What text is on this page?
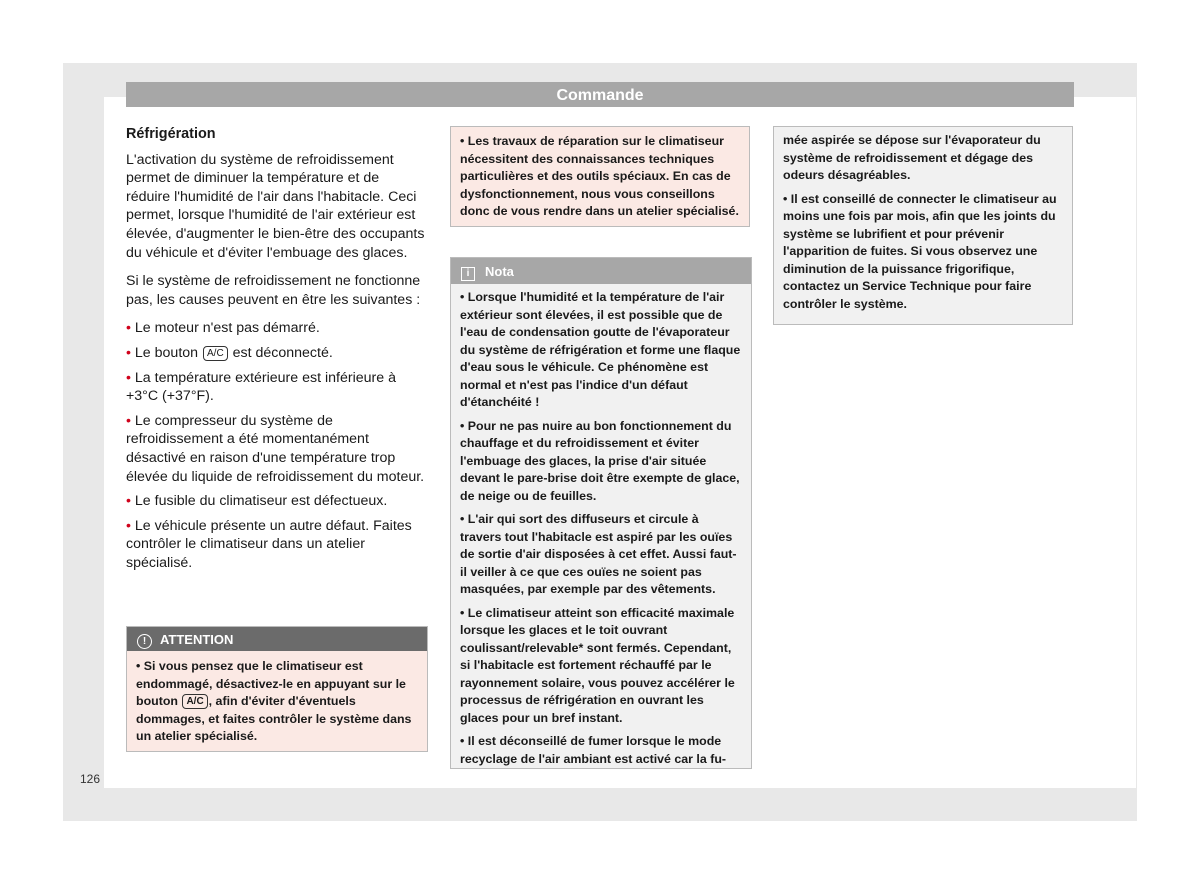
Commande
Réfrigération

L'activation du système de refroidissement permet de diminuer la température et de réduire l'humidité de l'air dans l'habitacle. Ceci permet, lorsque l'humidité de l'air extérieur est élevée, d'augmenter le bien-être des occupants du véhicule et d'éviter l'embuage des glaces.

Si le système de refroidissement ne fonctionne pas, les causes peuvent en être les suivantes :

• Le moteur n'est pas démarré.
• Le bouton A/C est déconnecté.
• La température extérieure est inférieure à +3°C (+37°F).
• Le compresseur du système de refroidissement a été momentanément désactivé en raison d'une température trop élevée du liquide de refroidissement du moteur.
• Le fusible du climatiseur est défectueux.
• Le véhicule présente un autre défaut. Faites contrôler le climatiseur dans un atelier spécialisé.
! ATTENTION
• Si vous pensez que le climatiseur est endommagé, désactivez-le en appuyant sur le bouton A/C , afin d'éviter d'éventuels dommages, et faites contrôler le système dans un atelier spécialisé.
• Les travaux de réparation sur le climatiseur nécessitent des connaissances techniques particulières et des outils spéciaux. En cas de dysfonctionnement, nous vous conseillons donc de vous rendre dans un atelier spécialisé.
i Nota

• Lorsque l'humidité et la température de l'air extérieur sont élevées, il est possible que de l'eau de condensation goutte de l'évaporateur du système de réfrigération et forme une flaque d'eau sous le véhicule. Ce phénomène est normal et n'est pas l'indice d'un défaut d'étanchéité !

• Pour ne pas nuire au bon fonctionnement du chauffage et du refroidissement et éviter l'embuage des glaces, la prise d'air située devant le pare-brise doit être exempte de glace, de neige ou de feuilles.

• L'air qui sort des diffuseurs et circule à travers tout l'habitacle est aspiré par les ouïes de sortie d'air disposées à cet effet. Aussi faut-il veiller à ce que ces ouïes ne soient pas masquées, par exemple par des vêtements.

• Le climatiseur atteint son efficacité maximale lorsque les glaces et le toit ouvrant coulissant/relevable* sont fermés. Cependant, si l'habitacle est fortement réchauffé par le rayonnement solaire, vous pouvez accélérer le processus de réfrigération en ouvrant les glaces pour un bref instant.

• Il est déconseillé de fumer lorsque le mode recyclage de l'air ambiant est activé car la fu-

mée aspirée se dépose sur l'évaporateur du système de refroidissement et dégage des odeurs désagréables.

• Il est conseillé de connecter le climatiseur au moins une fois par mois, afin que les joints du système se lubrifient et pour prévenir l'apparition de fuites. Si vous observez une diminution de la puissance frigorifique, contactez un Service Technique pour faire contrôler le système.

126
